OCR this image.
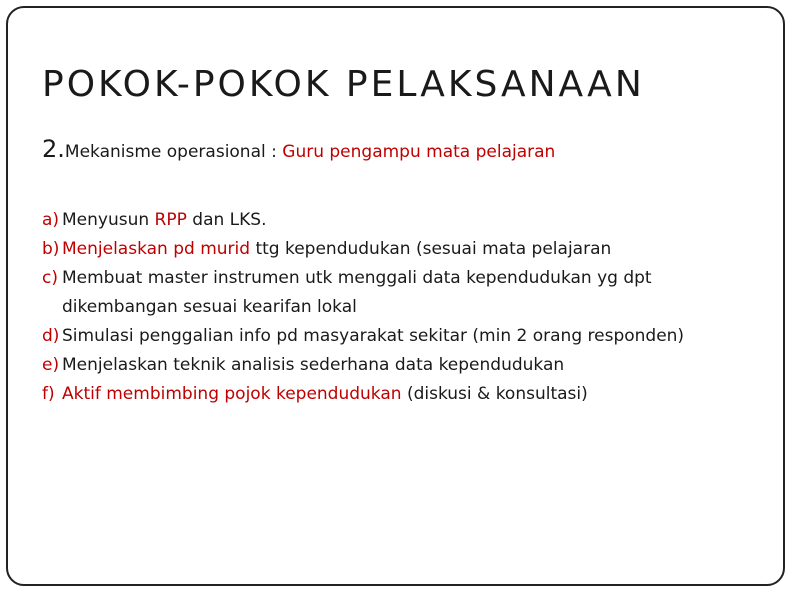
POKOK-POKOK PELAKSANAAN
2.Mekanisme operasional : Guru pengampu mata pelajaran
a) Menyusun RPP dan LKS.
b) Menjelaskan pd murid ttg kependudukan (sesuai mata pelajaran
c) Membuat master instrumen utk menggali data kependudukan yg dpt dikembangan sesuai kearifan lokal
d) Simulasi penggalian info pd masyarakat sekitar (min 2 orang responden)
e) Menjelaskan teknik analisis sederhana data kependudukan
f) Aktif membimbing pojok kependudukan (diskusi & konsultasi)
